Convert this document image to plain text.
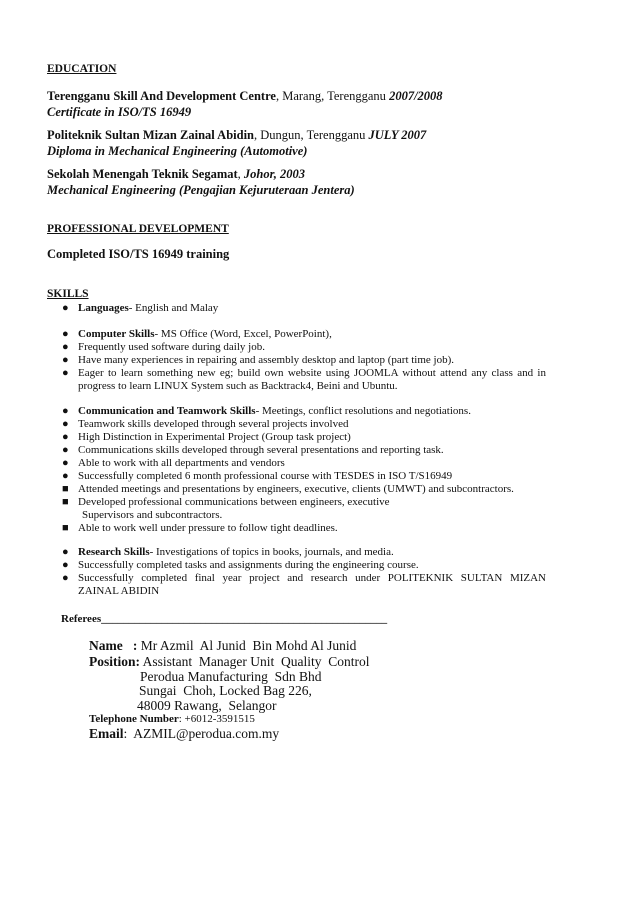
EDUCATION
Terengganu Skill And Development Centre, Marang, Terengganu 2007/2008
Certificate in ISO/TS 16949
Politeknik Sultan Mizan Zainal Abidin, Dungun, Terengganu JULY 2007
Diploma in Mechanical Engineering (Automotive)
Sekolah Menengah Teknik Segamat, Johor, 2003
Mechanical Engineering (Pengajian Kejuruteraan Jentera)
PROFESSIONAL DEVELOPMENT
Completed ISO/TS 16949 training
SKILLS
● Languages- English and Malay
● Computer Skills- MS Office (Word, Excel, PowerPoint),
● Frequently used software during daily job.
● Have many experiences in repairing and assembly desktop and laptop (part time job).
● Eager to learn something new eg; build own website using JOOMLA without attend any class and in
progress to learn LINUX System such as Backtrack4, Beini and Ubuntu.
● Communication and Teamwork Skills- Meetings, conflict resolutions and negotiations.
● Teamwork skills developed through several projects involved
● High Distinction in Experimental Project (Group task project)
● Communications skills developed through several presentations and reporting task.
● Able to work with all departments and vendors
● Successfully completed 6 month professional course with TESDES in ISO T/S16949
■ Attended meetings and presentations by engineers, executive, clients (UMWT) and subcontractors.
■ Developed professional communications between engineers, executive
Supervisors and subcontractors.
■ Able to work well under pressure to follow tight deadlines.
● Research Skills- Investigations of topics in books, journals, and media.
● Successfully completed tasks and assignments during the engineering course.
● Successfully completed final year project and research under POLITEKNIK SULTAN MIZAN
ZAINAL ABIDIN
Referees____________________________________________________
Name   : Mr Azmil  Al Junid  Bin Mohd Al Junid
Position: Assistant  Manager Unit  Quality  Control
Perodua Manufacturing  Sdn Bhd
Sungai  Choh, Locked Bag 226,
48009 Rawang,  Selangor
Telephone Number: +6012-3591515
Email:  AZMIL@perodua.com.my
